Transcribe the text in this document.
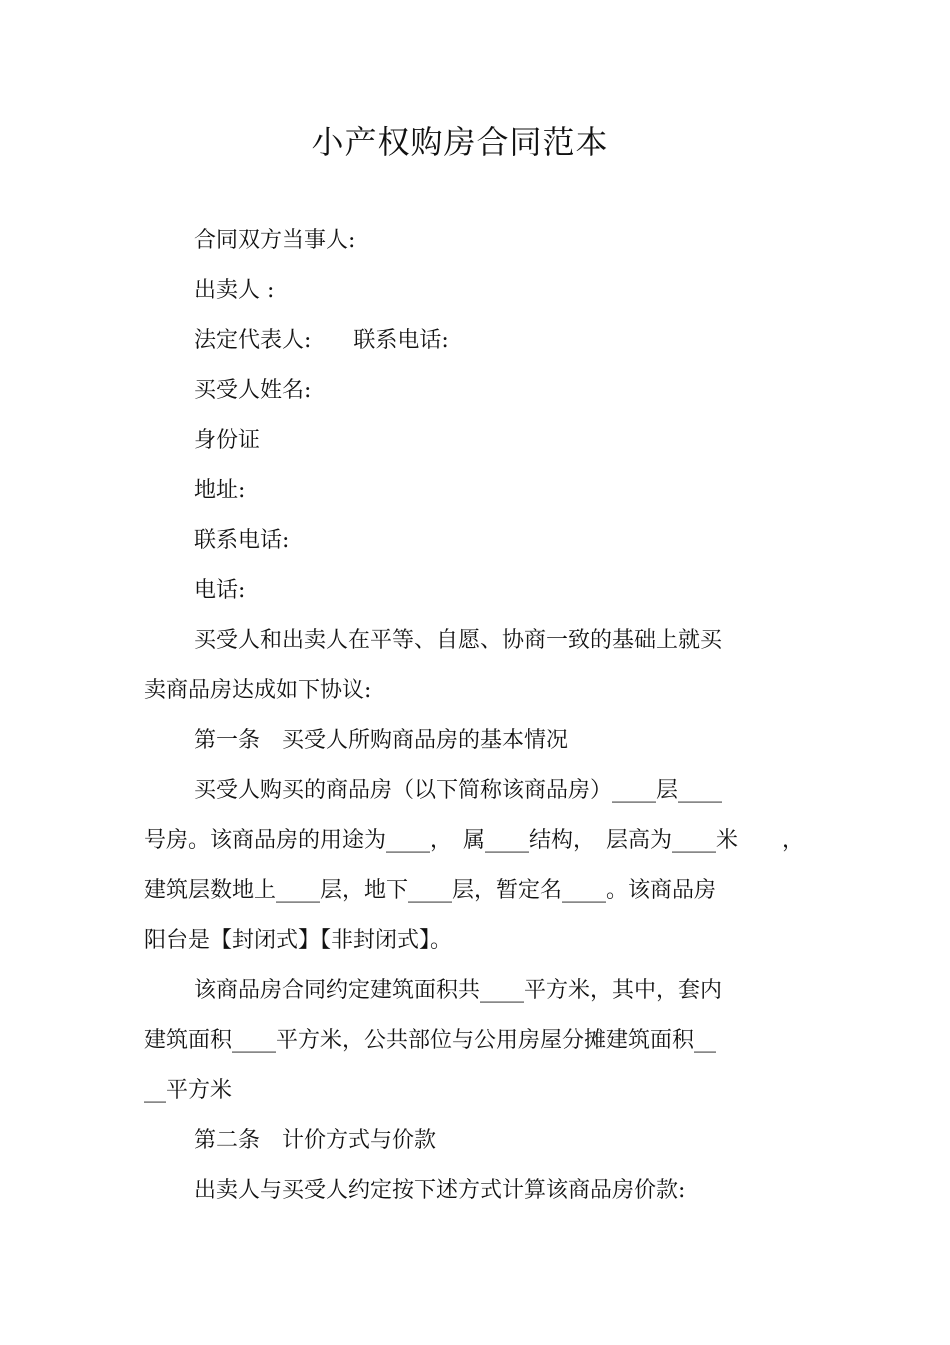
小产权购房合同范本
合同双方当事人:
出卖人 :
法定代表人: 联系电话:
买受人姓名:
身份证
地址:
联系电话:
电话:
买受人和出卖人在平等、自愿、协商一致的基础上就买
卖商品房达成如下协议:
第一条　买受人所购商品房的基本情况
买受人购买的商品房（以下简称该商品房）____层____
号房。该商品房的用途为____，　属____结构，　层高为____米　　，
建筑层数地上____层，地下____层，暂定名____。该商品房
阳台是【封闭式】【非封闭式】。
该商品房合同约定建筑面积共____平方米，其中，套内
建筑面积____平方米，公共部位与公用房屋分摊建筑面积__
__平方米
第二条　计价方式与价款
出卖人与买受人约定按下述方式计算该商品房价款:
